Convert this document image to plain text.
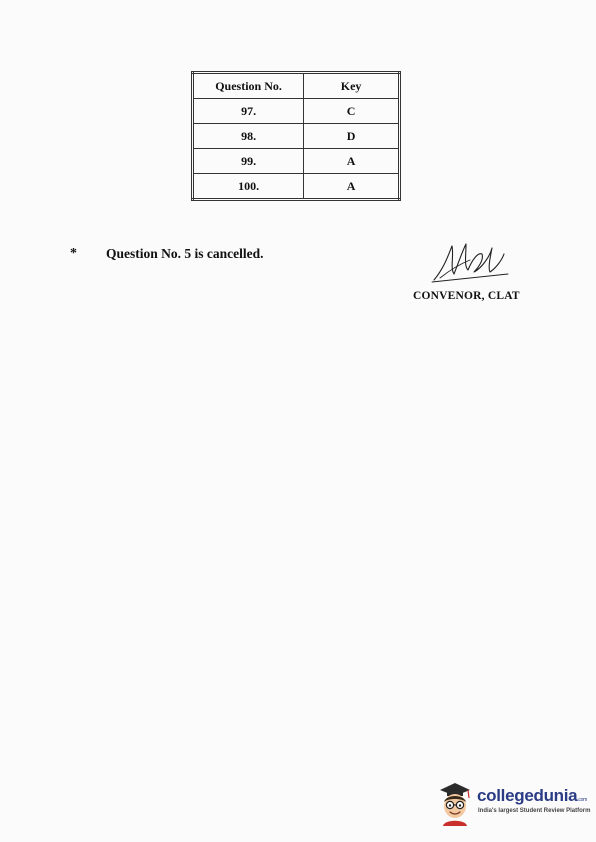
Question No.	Key
97.	C
98.	D
99.	A
100.	A
* Question No. 5 is cancelled.
CONVENOR, CLAT
collegedunia.com
India's largest Student Review Platform
